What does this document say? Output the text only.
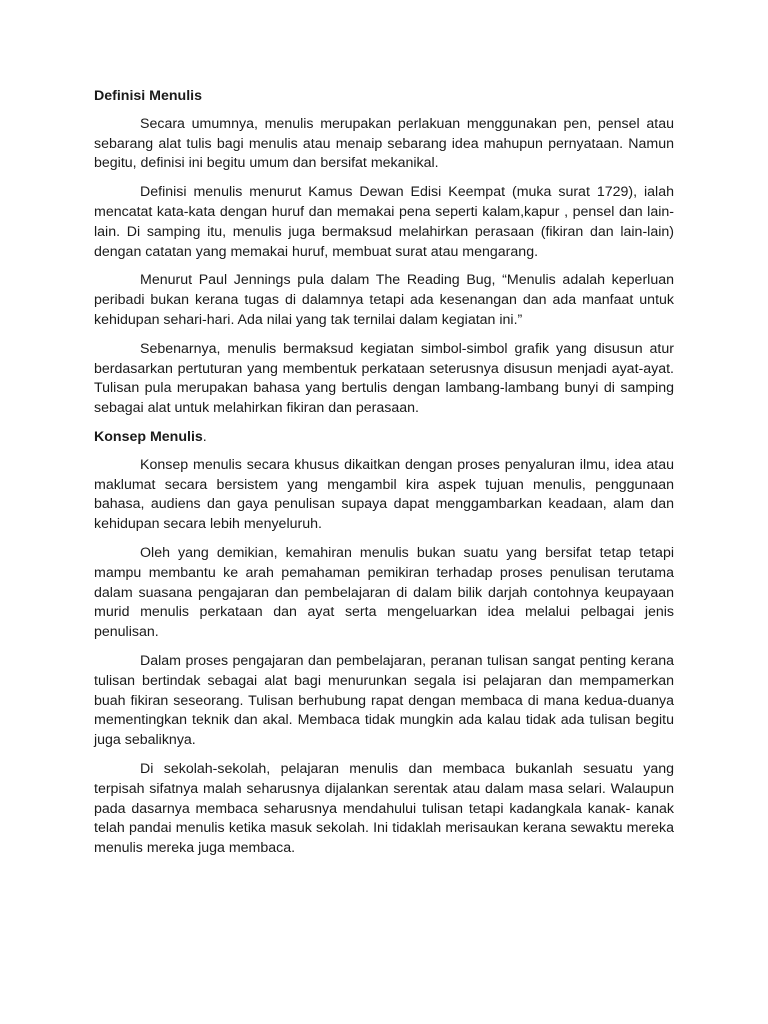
Definisi Menulis

Secara umumnya, menulis merupakan perlakuan menggunakan pen, pensel atau sebarang alat tulis bagi menulis atau menaip sebarang idea mahupun pernyataan. Namun begitu, definisi ini begitu umum dan bersifat mekanikal.

Definisi menulis menurut Kamus Dewan Edisi Keempat (muka surat 1729), ialah mencatat kata-kata dengan huruf dan memakai pena seperti kalam,kapur , pensel dan lain-lain. Di samping itu, menulis juga bermaksud melahirkan perasaan (fikiran dan lain-lain) dengan catatan yang memakai huruf, membuat surat atau mengarang.

Menurut Paul Jennings pula dalam The Reading Bug, “Menulis adalah keperluan peribadi bukan kerana tugas di dalamnya tetapi ada kesenangan dan ada manfaat untuk kehidupan sehari-hari. Ada nilai yang tak ternilai dalam kegiatan ini.”

Sebenarnya, menulis bermaksud kegiatan simbol-simbol grafik yang disusun atur berdasarkan pertuturan yang membentuk perkataan seterusnya disusun menjadi ayat-ayat. Tulisan pula merupakan bahasa yang bertulis dengan lambang-lambang bunyi di samping sebagai alat untuk melahirkan fikiran dan perasaan.

Konsep Menulis.

Konsep menulis secara khusus dikaitkan dengan proses penyaluran ilmu, idea atau maklumat secara bersistem yang mengambil kira aspek tujuan menulis, penggunaan bahasa, audiens dan gaya penulisan supaya dapat menggambarkan keadaan, alam dan kehidupan secara lebih menyeluruh.

Oleh yang demikian, kemahiran menulis bukan suatu yang bersifat tetap tetapi mampu membantu ke arah pemahaman pemikiran terhadap proses penulisan terutama dalam suasana pengajaran dan pembelajaran di dalam bilik darjah contohnya keupayaan murid menulis perkataan dan ayat serta mengeluarkan idea melalui pelbagai jenis penulisan.

Dalam proses pengajaran dan pembelajaran, peranan tulisan sangat penting kerana tulisan bertindak sebagai alat bagi menurunkan segala isi pelajaran dan mempamerkan buah fikiran seseorang. Tulisan berhubung rapat dengan membaca di mana kedua-duanya mementingkan teknik dan akal. Membaca tidak mungkin ada kalau tidak ada tulisan begitu juga sebaliknya.

Di sekolah-sekolah, pelajaran menulis dan membaca bukanlah sesuatu yang terpisah sifatnya malah seharusnya dijalankan serentak atau dalam masa selari. Walaupun pada dasarnya membaca seharusnya mendahului tulisan tetapi kadangkala kanak- kanak telah pandai menulis ketika masuk sekolah. Ini tidaklah merisaukan kerana sewaktu mereka menulis mereka juga membaca.
